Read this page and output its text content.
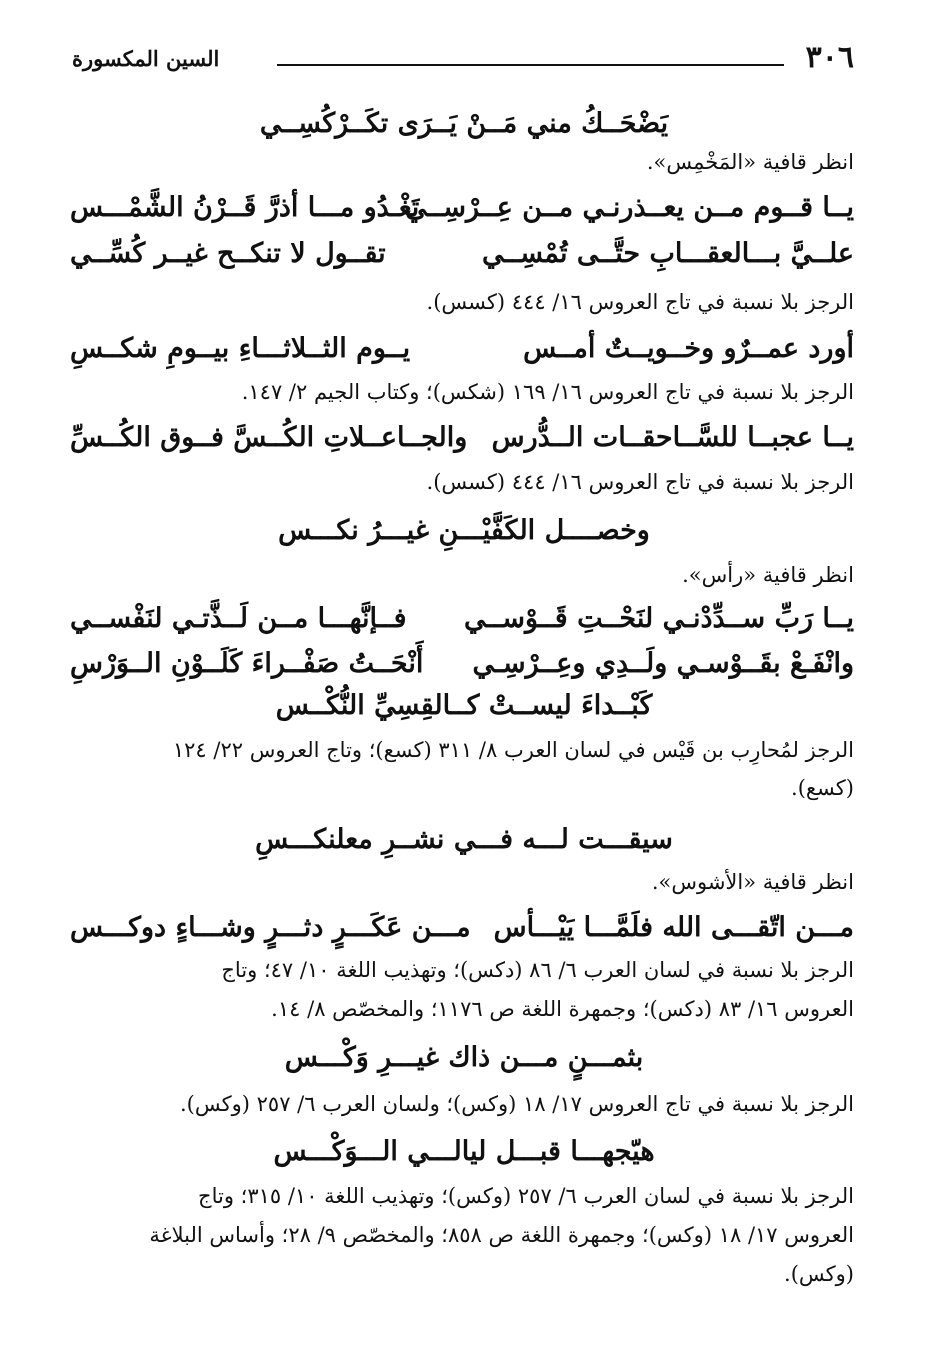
٣٠٦
السين المكسورة
يَضْحَــكُ مني مَــنْ يَــرَى تكَــرْكُسِــي
انظر قافية «المَخْمِس».
يــا قــوم مــن يعــذرنـي مــن عِــرْسِــي
تَغْـدُو مـــا أذرَّ قَــرْنُ الشَّمْـــس
علــيَّ بـــالعقـــابِ حتَّــى تُمْسِــي
تقــول لا تنكــح غيــر كُسِّــي
الرجز بلا نسبة في تاج العروس ١٦/ ٤٤٤ (كسس).
أورد عمــرٌو وخــويــتٌ أمــس
يــوم الثــلاثـــاءِ بيــومِ شكــسِ
الرجز بلا نسبة في تاج العروس ١٦/ ١٦٩ (شكس)؛ وكتاب الجيم ٢/ ١٤٧.
يــا عجبــا للسَّــاحقــات الــدُّرس
والجــاعــلاتِ الكُــسَّ فــوق الكُــسِّ
الرجز بلا نسبة في تاج العروس ١٦/ ٤٤٤ (كسس).
وخصــــل الكَفَّيْـــنِ غيـــرُ نكـــس
انظر قافية «رأس».
يــا رَبِّ ســدِّدْنـي لنَحْــتِ قَــوْســي
فــإنَّهـــا مــن لَــذَّتـي لنَفْســي
وانْفَـعْ بقَــوْسـي ولَــدِي وعِــرْسِـي
أَنْحَــتُ صَفْــراءَ كَلَــوْنِ الــوَرْسِ
كَبْــداءَ ليســتْ كــالقِسِيِّ النُّكْــس
الرجز لمُحارِب بن قَيْس في لسان العرب ٨/ ٣١١ (كسع)؛ وتاج العروس ٢٢/ ١٢٤
(كسع).
سيقـــت لـــه فـــي نشــرِ معلنكـــسِ
انظر قافية «الأشوس».
مـــن اتّقـــى الله فلَمَّـــا يَيْـــأس
مـــن عَكَـــرٍ دثـــرٍ وشـــاءٍ دوكـــس
الرجز بلا نسبة في لسان العرب ٦/ ٨٦ (دكس)؛ وتهذيب اللغة ١٠/ ٤٧؛ وتاج
العروس ١٦/ ٨٣ (دكس)؛ وجمهرة اللغة ص ١١٧٦؛ والمخصّص ٨/ ١٤.
بثمـــنٍ مـــن ذاك غيـــرِ وَكْـــس
الرجز بلا نسبة في تاج العروس ١٧/ ١٨ (وكس)؛ ولسان العرب ٦/ ٢٥٧ (وكس).
هيّجهـــا قبـــل ليالـــي الـــوَكْـــس
الرجز بلا نسبة في لسان العرب ٦/ ٢٥٧ (وكس)؛ وتهذيب اللغة ١٠/ ٣١٥؛ وتاج
العروس ١٧/ ١٨ (وكس)؛ وجمهرة اللغة ص ٨٥٨؛ والمخصّص ٩/ ٢٨؛ وأساس البلاغة
(وكس).
